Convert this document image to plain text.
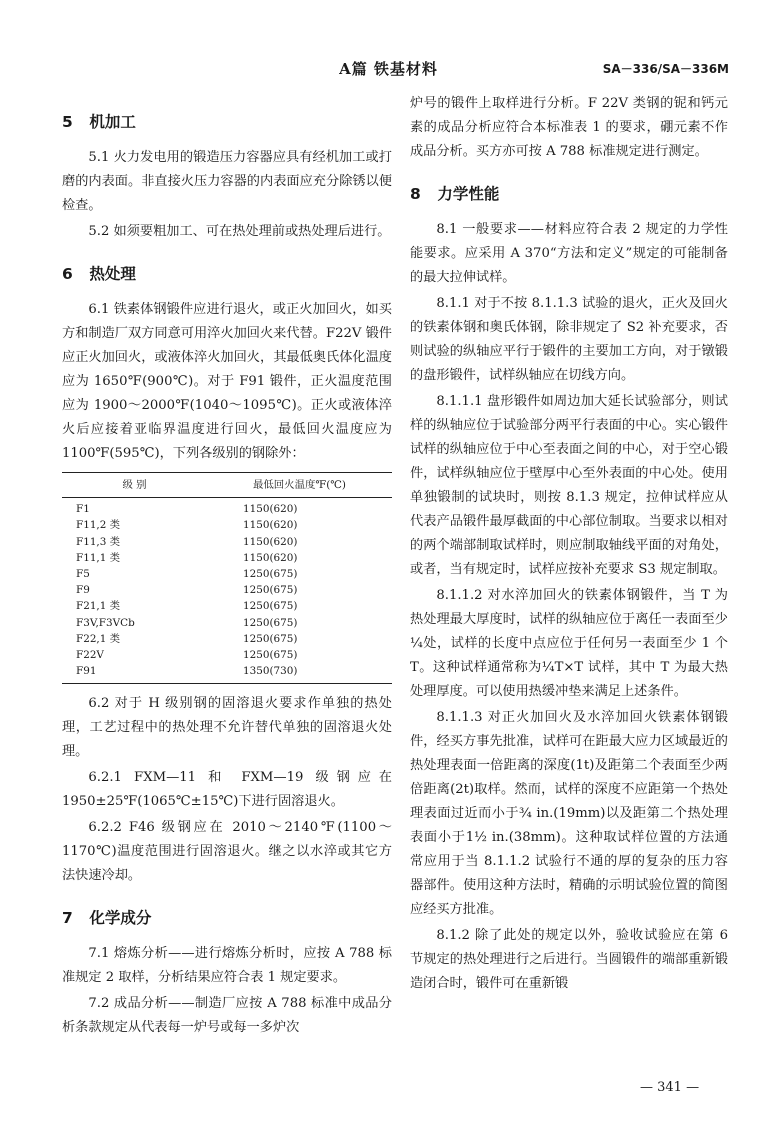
A篇 铁基材料	SA－336/SA－336M
5 机加工

5.1 火力发电用的锻造压力容器应具有经机加工或打磨的内表面。非直接火压力容器的内表面应充分除锈以便检查。

5.2 如须要粗加工、可在热处理前或热处理后进行。

6 热处理

6.1 铁素体钢锻件应进行退火，或正火加回火，如买方和制造厂双方同意可用淬火加回火来代替。F22V 锻件应正火加回火，或液体淬火加回火，其最低奥氏体化温度应为 1650℉(900℃)。对于 F91 锻件，正火温度范围应为 1900～2000℉(1040～1095℃)。正火或液体淬火后应接着亚临界温度进行回火，最低回火温度应为 1100℉(595℃)，下列各级别的钢除外：

级 别	最低回火温度℉(℃)
F1	1150(620)
F11,2 类	1150(620)
F11,3 类	1150(620)
F11,1 类	1150(620)
F5	1250(675)
F9	1250(675)
F21,1 类	1250(675)
F3V,F3VCb	1250(675)
F22,1 类	1250(675)
F22V	1250(675)
F91	1350(730)

6.2 对于 H 级别钢的固溶退火要求作单独的热处理，工艺过程中的热处理不允许替代单独的固溶退火处理。

6.2.1 FXM—11 和 FXM—19 级钢应在 1950±25℉(1065℃±15℃)下进行固溶退火。

6.2.2 F46 级钢应在 2010～2140℉(1100～1170℃)温度范围进行固溶退火。继之以水淬或其它方法快速冷却。

7 化学成分

7.1 熔炼分析——进行熔炼分析时，应按 A 788 标准规定 2 取样，分析结果应符合表 1 规定要求。

7.2 成品分析——制造厂应按 A 788 标准中成品分析条款规定从代表每一炉号或每一多炉次

炉号的锻件上取样进行分析。F 22V 类钢的铌和钙元素的成品分析应符合本标准表 1 的要求，硼元素不作成品分析。买方亦可按 A 788 标准规定进行测定。

8 力学性能

8.1 一般要求——材料应符合表 2 规定的力学性能要求。应采用 A 370“方法和定义”规定的可能制备的最大拉伸试样。

8.1.1 对于不按 8.1.1.3 试验的退火，正火及回火的铁素体钢和奥氏体钢，除非规定了 S2 补充要求，否则试验的纵轴应平行于锻件的主要加工方向，对于镦锻的盘形锻件，试样纵轴应在切线方向。

8.1.1.1 盘形锻件如周边加大延长试验部分，则试样的纵轴应位于试验部分两平行表面的中心。实心锻件试样的纵轴应位于中心至表面之间的中心，对于空心锻件，试样纵轴应位于壁厚中心至外表面的中心处。使用单独锻制的试块时，则按 8.1.3 规定，拉伸试样应从代表产品锻件最厚截面的中心部位制取。当要求以相对的两个端部制取试样时，则应制取轴线平面的对角处，或者，当有规定时，试样应按补充要求 S3 规定制取。

8.1.1.2 对水淬加回火的铁素体钢锻件，当 T 为热处理最大厚度时，试样的纵轴应位于离任一表面至少¼处，试样的长度中点应位于任何另一表面至少 1 个 T。这种试样通常称为¼T×T 试样，其中 T 为最大热处理厚度。可以使用热缓冲垫来满足上述条件。

8.1.1.3 对正火加回火及水淬加回火铁素体钢锻件，经买方事先批准，试样可在距最大应力区域最近的热处理表面一倍距离的深度(1t)及距第二个表面至少两倍距离(2t)取样。然而，试样的深度不应距第一个热处理表面过近而小于¾ in.(19mm)以及距第二个热处理表面小于1½ in.(38mm)。这种取试样位置的方法通常应用于当 8.1.1.2 试验行不通的厚的复杂的压力容器部件。使用这种方法时，精确的示明试验位置的简图应经买方批准。

8.1.2 除了此处的规定以外，验收试验应在第 6 节规定的热处理进行之后进行。当圆锻件的端部重新锻造闭合时，锻件可在重新锻

— 341 —
